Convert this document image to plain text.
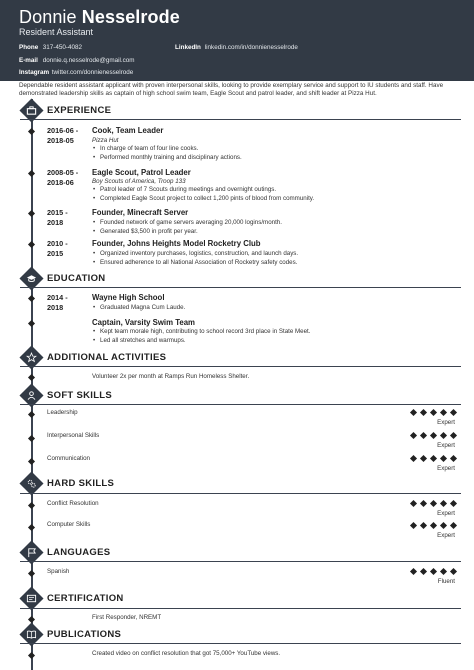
Donnie Nesselrode
Resident Assistant
Phone 317-450-4082	LinkedIn linkedin.com/in/donnienesselrode
E-mail donnie.q.nesselrode@gmail.com
Instagram twitter.com/donnienesselrode
Dependable resident assistant applicant with proven interpersonal skills, looking to provide exemplary service and support to IU students and staff. Have demonstrated leadership skills as captain of high school swim team, Eagle Scout and patrol leader, and shift leader at Pizza Hut.
EXPERIENCE
2016-06 -
2018-05
Cook, Team Leader
Pizza Hut
• In charge of team of four line cooks.
• Performed monthly training and disciplinary actions.
2008-05 -
2018-06
Eagle Scout, Patrol Leader
Boy Scouts of America, Troop 133
• Patrol leader of 7 Scouts during meetings and overnight outings.
• Completed Eagle Scout project to collect 1,200 pints of blood from community.
2015 -
2018
Founder, Minecraft Server
• Founded network of game servers averaging 20,000 logins/month.
• Generated $3,500 in profit per year.
2010 -
2015
Founder, Johns Heights Model Rocketry Club
• Organized inventory purchases, logistics, construction, and launch days.
• Ensured adherence to all National Association of Rocketry safety codes.
EDUCATION
2014 -
2018
Wayne High School
• Graduated Magna Cum Laude.
Captain, Varsity Swim Team
• Kept team morale high, contributing to school record 3rd place in State Meet.
• Led all stretches and warmups.
ADDITIONAL ACTIVITIES
Volunteer 2x per month at Ramps Run Homeless Shelter.
SOFT SKILLS
Leadership
Expert
Interpersonal Skills
Expert
Communication
Expert
HARD SKILLS
Conflict Resolution
Expert
Computer Skills
Expert
LANGUAGES
Spanish
Fluent
CERTIFICATION
First Responder, NREMT
PUBLICATIONS
Created video on conflict resolution that got 75,000+ YouTube views.
